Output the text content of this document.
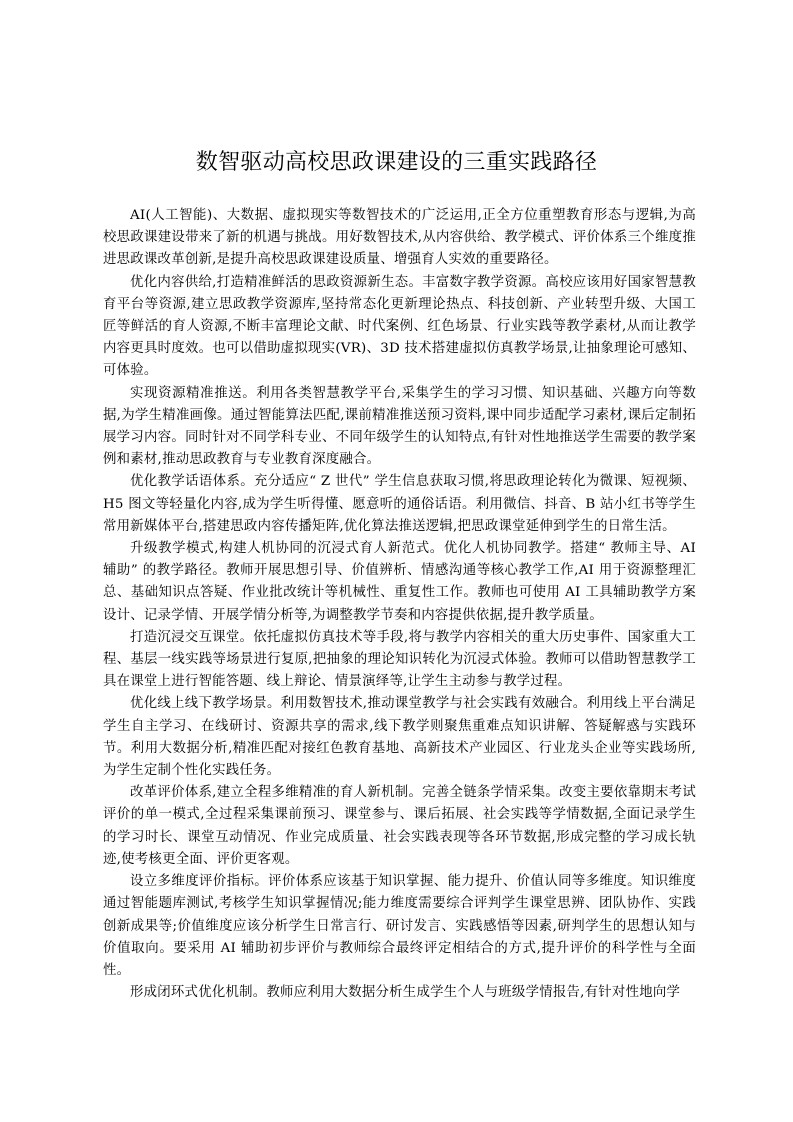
数智驱动高校思政课建设的三重实践路径

AI(人工智能)、大数据、虚拟现实等数智技术的广泛运用,正全方位重塑教育形态与逻辑,为高校思政课建设带来了新的机遇与挑战。用好数智技术,从内容供给、教学模式、评价体系三个维度推进思政课改革创新,是提升高校思政课建设质量、增强育人实效的重要路径。

优化内容供给,打造精准鲜活的思政资源新生态。丰富数字教学资源。高校应该用好国家智慧教育平台等资源,建立思政教学资源库,坚持常态化更新理论热点、科技创新、产业转型升级、大国工匠等鲜活的育人资源,不断丰富理论文献、时代案例、红色场景、行业实践等教学素材,从而让教学内容更具时度效。也可以借助虚拟现实(VR)、3D 技术搭建虚拟仿真教学场景,让抽象理论可感知、可体验。

实现资源精准推送。利用各类智慧教学平台,采集学生的学习习惯、知识基础、兴趣方向等数据,为学生精准画像。通过智能算法匹配,课前精准推送预习资料,课中同步适配学习素材,课后定制拓展学习内容。同时针对不同学科专业、不同年级学生的认知特点,有针对性地推送学生需要的教学案例和素材,推动思政教育与专业教育深度融合。

优化教学话语体系。充分适应“ Z 世代” 学生信息获取习惯,将思政理论转化为微课、短视频、H5 图文等轻量化内容,成为学生听得懂、愿意听的通俗话语。利用微信、抖音、B 站小红书等学生常用新媒体平台,搭建思政内容传播矩阵,优化算法推送逻辑,把思政课堂延伸到学生的日常生活。

升级教学模式,构建人机协同的沉浸式育人新范式。优化人机协同教学。搭建“ 教师主导、AI 辅助” 的教学路径。教师开展思想引导、价值辨析、情感沟通等核心教学工作,AI 用于资源整理汇总、基础知识点答疑、作业批改统计等机械性、重复性工作。教师也可使用 AI 工具辅助教学方案设计、记录学情、开展学情分析等,为调整教学节奏和内容提供依据,提升教学质量。

打造沉浸交互课堂。依托虚拟仿真技术等手段,将与教学内容相关的重大历史事件、国家重大工程、基层一线实践等场景进行复原,把抽象的理论知识转化为沉浸式体验。教师可以借助智慧教学工具在课堂上进行智能答题、线上辩论、情景演绎等,让学生主动参与教学过程。

优化线上线下教学场景。利用数智技术,推动课堂教学与社会实践有效融合。利用线上平台满足学生自主学习、在线研讨、资源共享的需求,线下教学则聚焦重难点知识讲解、答疑解惑与实践环节。利用大数据分析,精准匹配对接红色教育基地、高新技术产业园区、行业龙头企业等实践场所,为学生定制个性化实践任务。

改革评价体系,建立全程多维精准的育人新机制。完善全链条学情采集。改变主要依靠期末考试评价的单一模式,全过程采集课前预习、课堂参与、课后拓展、社会实践等学情数据,全面记录学生的学习时长、课堂互动情况、作业完成质量、社会实践表现等各环节数据,形成完整的学习成长轨迹,使考核更全面、评价更客观。

设立多维度评价指标。评价体系应该基于知识掌握、能力提升、价值认同等多维度。知识维度通过智能题库测试,考核学生知识掌握情况;能力维度需要综合评判学生课堂思辨、团队协作、实践创新成果等;价值维度应该分析学生日常言行、研讨发言、实践感悟等因素,研判学生的思想认知与价值取向。要采用 AI 辅助初步评价与教师综合最终评定相结合的方式,提升评价的科学性与全面性。

形成闭环式优化机制。教师应利用大数据分析生成学生个人与班级学情报告,有针对性地向学
